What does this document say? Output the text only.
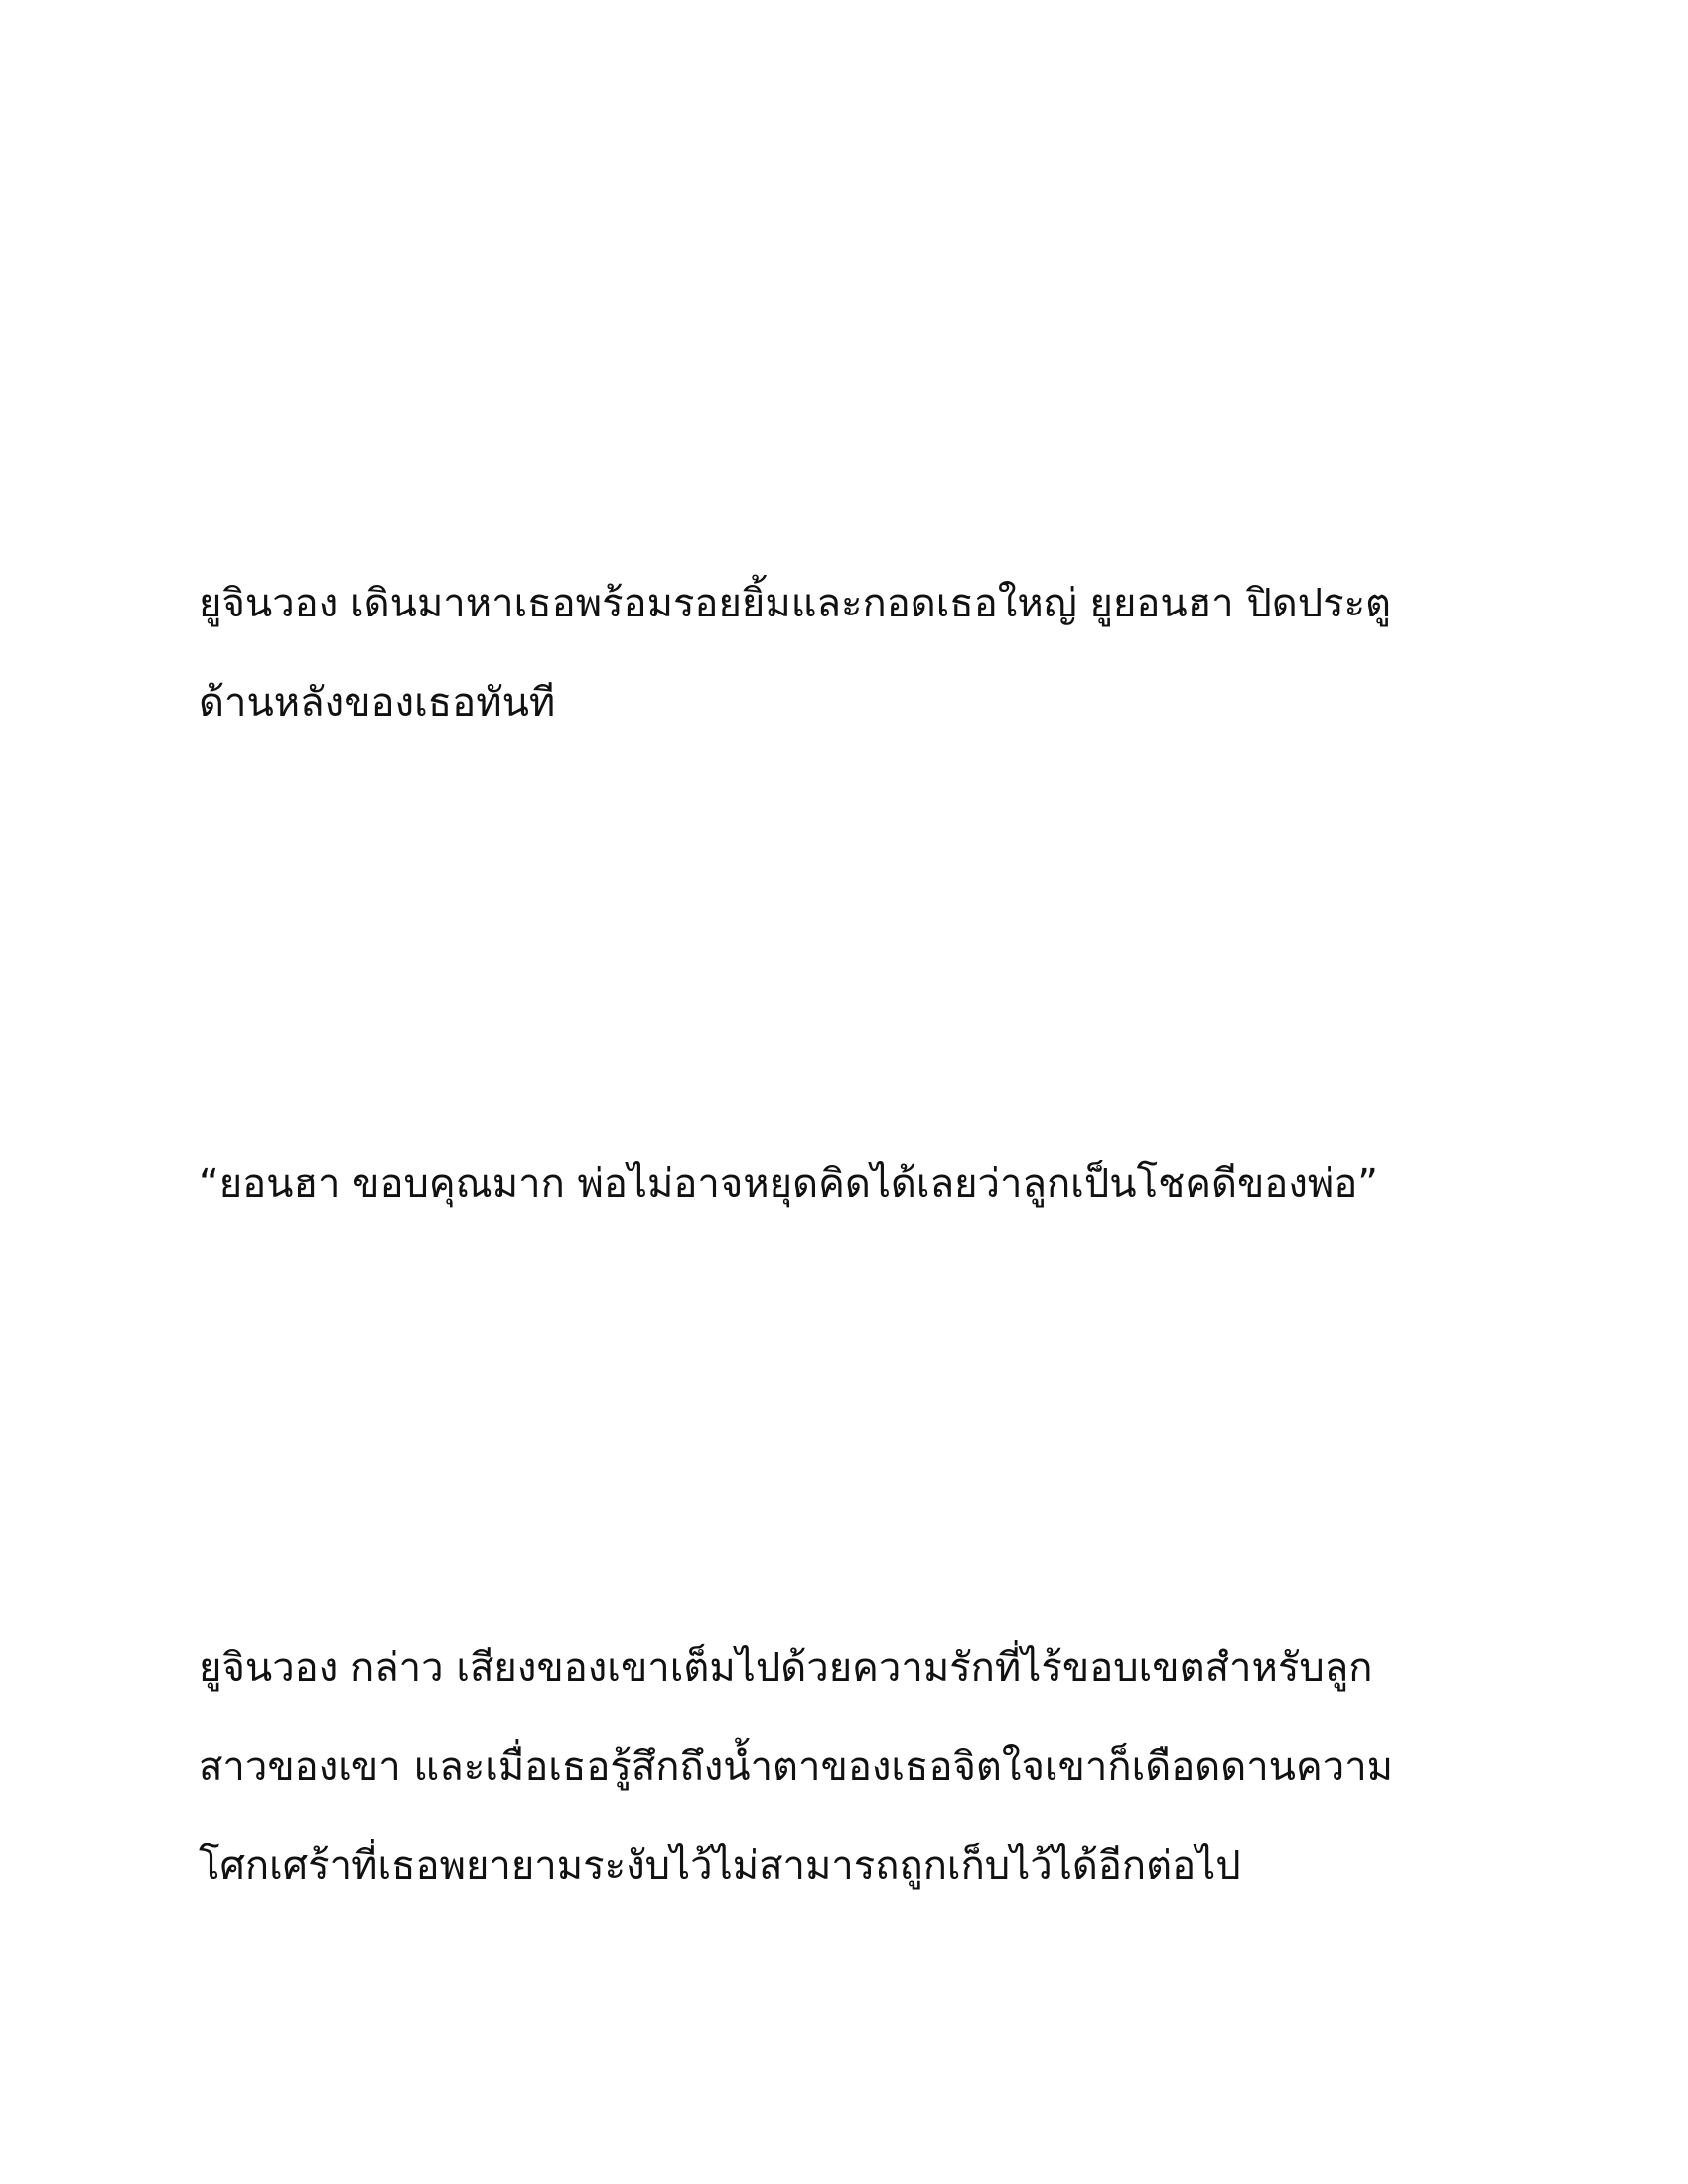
ยูจินวอง เดินมาหาเธอพร้อมรอยยิ้มและกอดเธอใหญ่ ยูยอนฮา ปิดประตู

ด้านหลังของเธอทันที

“ยอนฮา ขอบคุณมาก พ่อไม่อาจหยุดคิดได้เลยว่าลูกเป็นโชคดีของพ่อ”

ยูจินวอง กล่าว เสียงของเขาเต็มไปด้วยความรักที่ไร้ขอบเขตสำหรับลูก

สาวของเขา และเมื่อเธอรู้สึกถึงน้ำตาของเธอจิตใจเขาก็เดือดดานความ

โศกเศร้าที่เธอพยายามระงับไว้ไม่สามารถถูกเก็บไว้ได้อีกต่อไป
